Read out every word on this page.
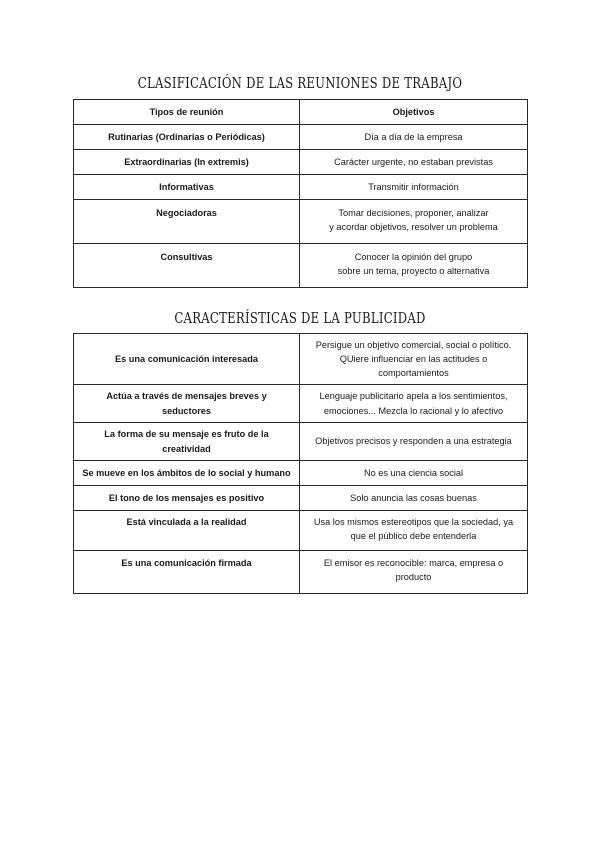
CLASIFICACIÓN DE LAS REUNIONES DE TRABAJO
Tipos de reunión	Objetivos
Rutinarias (Ordinarias o Periódicas)	Día a día de la empresa
Extraordinarias (In extremis)	Carácter urgente, no estaban previstas
Informativas	Transmitir información
Negociadoras	Tomar decisiones, proponer, analizar
y acordar objetivos, resolver un problema
Consultivas	Conocer la opinión del grupo
sobre un tema, proyecto o alternativa
CARACTERÍSTICAS DE LA PUBLICIDAD
Es una comunicación interesada	Persigue un objetivo comercial, social o político.
QUiere influenciar en las actitudes o
comportamientos
Actúa a través de mensajes breves y
seductores	Lenguaje publicitario apela a los sentimientos,
emociones... Mezcla lo racional y lo afectivo
La forma de su mensaje es fruto de la
creatividad	Objetivos precisos y responden a una estrategia
Se mueve en los ámbitos de lo social y humano	No es una ciencia social
El tono de los mensajes es positivo	Solo anuncia las cosas buenas
Está vinculada a la realidad	Usa los mismos estereotipos que la sociedad, ya
que el público debe entenderla
Es una comunicación firmada	El emisor es reconocible: marca, empresa o
producto
